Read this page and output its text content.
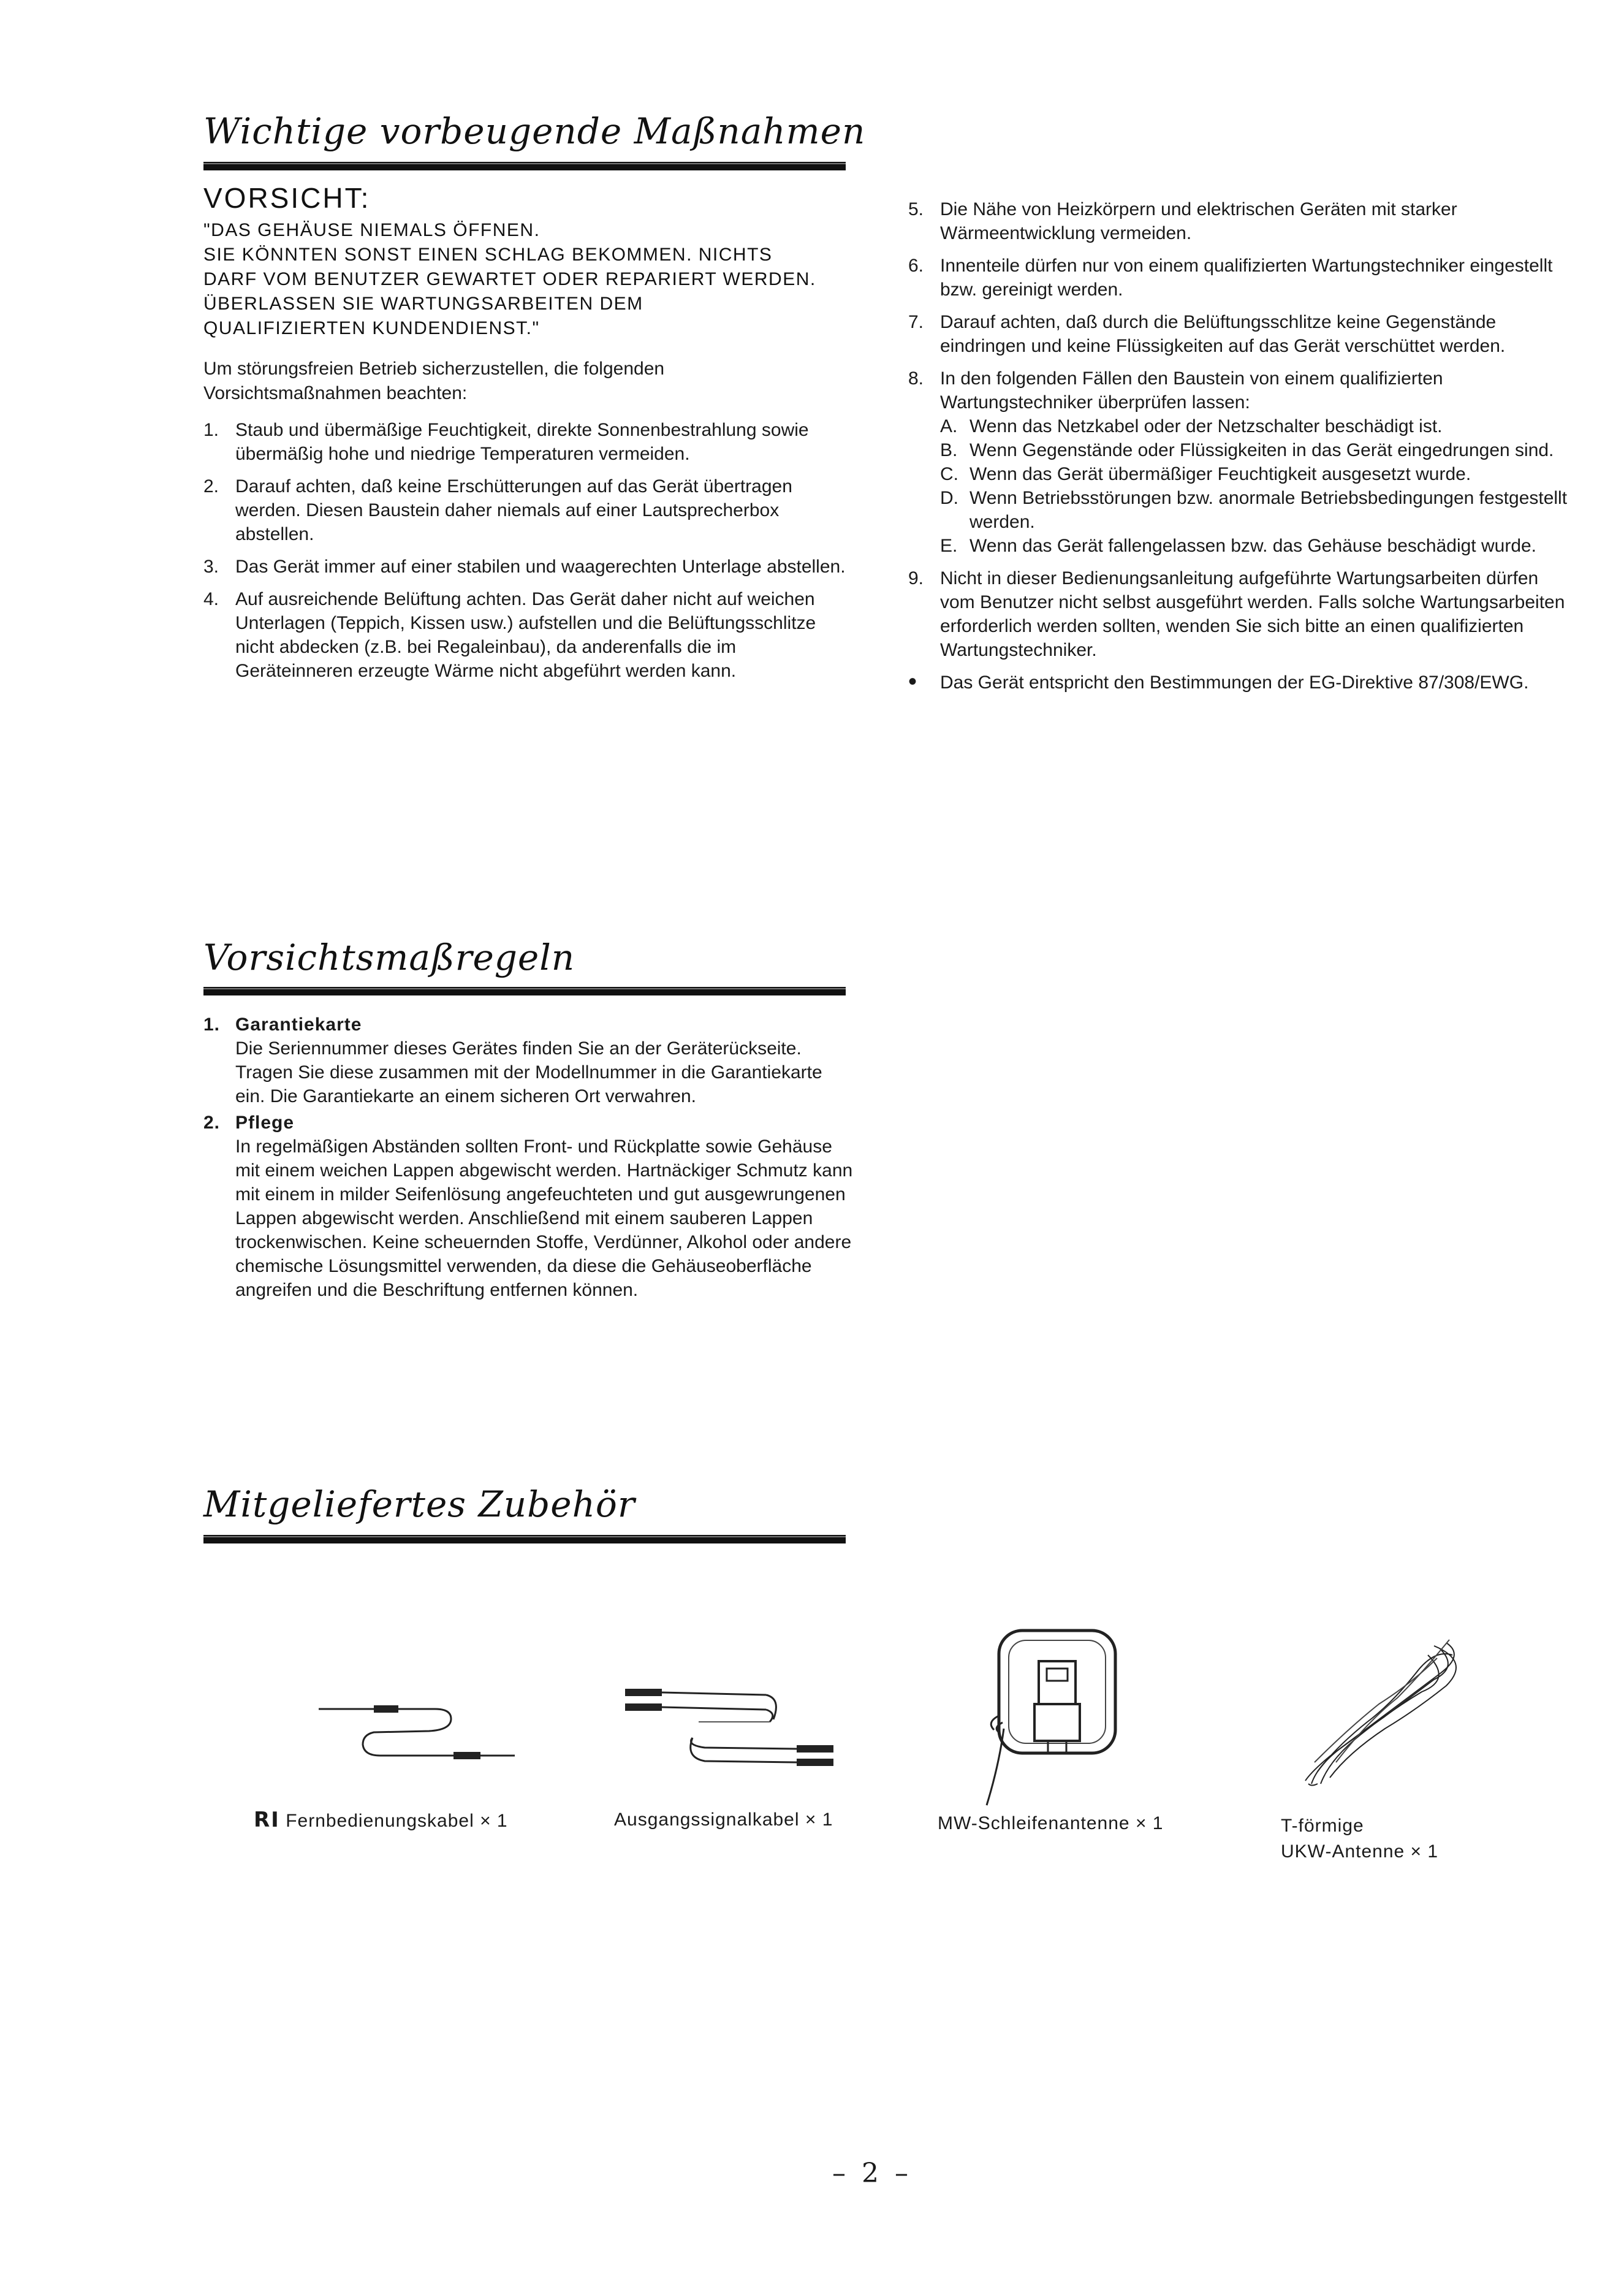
Wichtige vorbeugende Maßnahmen
VORSICHT:
"DAS GEHÄUSE NIEMALS ÖFFNEN.
SIE KÖNNTEN SONST EINEN SCHLAG BEKOMMEN. NICHTS
DARF VOM BENUTZER GEWARTET ODER REPARIERT WERDEN.
ÜBERLASSEN SIE WARTUNGSARBEITEN DEM
QUALIFIZIERTEN KUNDENDIENST."
Um störungsfreien Betrieb sicherzustellen, die folgenden Vorsichtsmaßnahmen beachten:
1. Staub und übermäßige Feuchtigkeit, direkte Sonnenbestrahlung sowie übermäßig hohe und niedrige Temperaturen vermeiden.
2. Darauf achten, daß keine Erschütterungen auf das Gerät übertragen werden. Diesen Baustein daher niemals auf einer Lautsprecherbox abstellen.
3. Das Gerät immer auf einer stabilen und waagerechten Unterlage abstellen.
4. Auf ausreichende Belüftung achten. Das Gerät daher nicht auf weichen Unterlagen (Teppich, Kissen usw.) aufstellen und die Belüftungsschlitze nicht abdecken (z.B. bei Regaleinbau), da anderenfalls die im Geräteinneren erzeugte Wärme nicht abgeführt werden kann.
5. Die Nähe von Heizkörpern und elektrischen Geräten mit starker Wärmeentwicklung vermeiden.
6. Innenteile dürfen nur von einem qualifizierten Wartungstechniker eingestellt bzw. gereinigt werden.
7. Darauf achten, daß durch die Belüftungsschlitze keine Gegenstände eindringen und keine Flüssigkeiten auf das Gerät verschüttet werden.
8. In den folgenden Fällen den Baustein von einem qualifizierten Wartungstechniker überprüfen lassen:
A. Wenn das Netzkabel oder der Netzschalter beschädigt ist.
B. Wenn Gegenstände oder Flüssigkeiten in das Gerät eingedrungen sind.
C. Wenn das Gerät übermäßiger Feuchtigkeit ausgesetzt wurde.
D. Wenn Betriebsstörungen bzw. anormale Betriebsbedingungen festgestellt werden.
E. Wenn das Gerät fallengelassen bzw. das Gehäuse beschädigt wurde.
9. Nicht in dieser Bedienungsanleitung aufgeführte Wartungsarbeiten dürfen vom Benutzer nicht selbst ausgeführt werden. Falls solche Wartungsarbeiten erforderlich werden sollten, wenden Sie sich bitte an einen qualifizierten Wartungstechniker.
•	Das Gerät entspricht den Bestimmungen der EG-Direktive 87/308/EWG.
Vorsichtsmaßregeln
1. Garantiekarte
Die Seriennummer dieses Gerätes finden Sie an der Geräterückseite. Tragen Sie diese zusammen mit der Modellnummer in die Garantiekarte ein. Die Garantiekarte an einem sicheren Ort verwahren.
2. Pflege
In regelmäßigen Abständen sollten Front- und Rückplatte sowie Gehäuse mit einem weichen Lappen abgewischt werden. Hartnäckiger Schmutz kann mit einem in milder Seifenlösung angefeuchteten und gut ausgewrungenen Lappen abgewischt werden. Anschließend mit einem sauberen Lappen trockenwischen. Keine scheuernden Stoffe, Verdünner, Alkohol oder andere chemische Lösungsmittel verwenden, da diese die Gehäuseoberfläche angreifen und die Beschriftung entfernen können.
Mitgeliefertes Zubehör
RI Fernbedienungskabel × 1	Ausgangssignalkabel × 1	MW-Schleifenantenne × 1	T-förmige
UKW-Antenne × 1
– 2 –
